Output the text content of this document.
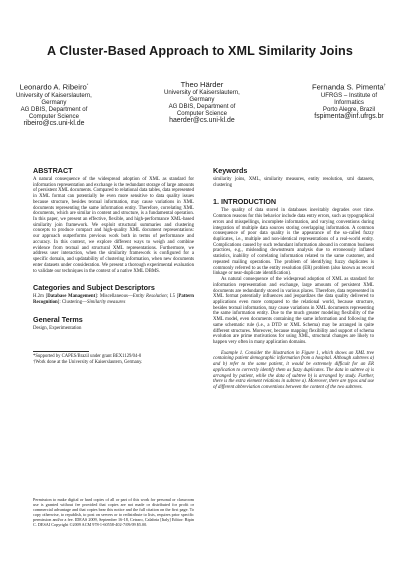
A Cluster-Based Approach to XML Similarity Joins
Leonardo A. Ribeiro*
University of Kaiserslautern,
Germany
AG DBIS, Department of
Computer Science
ribeiro@cs.uni-kl.de
Theo Härder
University of Kaiserslautern,
Germany
AG DBIS, Department of
Computer Science
haerder@cs.uni-kl.de
Fernanda S. Pimenta†
UFRGS – Institute of
Informatics
Porto Alegre, Brazil
fspimenta@inf.ufrgs.br
ABSTRACT

A natural consequence of the widespread adoption of XML as standard for information representation and exchange is the redundant storage of large amounts of persistent XML documents. Compared to relational data tables, data represented in XML format can potentially be even more sensitive to data quality issues because structure, besides textual information, may cause variations in XML documents representing the same information entity. Therefore, correlating XML documents, which are similar in content and structure, is a fundamental operation. In this paper, we present an effective, flexible, and high-performance XML-based similarity join framework. We exploit structural summaries and clustering concepts to produce compact and high-quality XML document representations: our approach outperforms previous work both in terms of performance and accuracy. In this context, we explore different ways to weigh and combine evidence from textual and structural XML representations. Furthermore, we address user interaction, when the similarity framework is configured for a specific domain, and updatability of clustering information, when new documents enter datasets under consideration. We present a thorough experimental evaluation to validate our techniques in the context of a native XML DBMS.

Categories and Subject Descriptors

H.2m [Database Management]: Miscellaneous—Entity Resolution; I.5 [Pattern Recognition]: Clustering—Similarity measures

General Terms

Design, Experimentation

*Supported by CAPES/Brazil under grant BEX1129/04-0
†Work done at the University of Kaiserslautern, Germany.
Permission to make digital or hard copies of all or part of this work for personal or classroom use is granted without fee provided that copies are not made or distributed for profit or commercial advantage and that copies bear this notice and the full citation on the first page. To copy otherwise, to republish, to post on servers or to redistribute to lists, requires prior specific permission and/or a fee. IDEAS 2009, September 16-18, Cetraro, Calabria [Italy] Editor: Bipin C. DESAI Copyright ©2009 ACM 978-1-60558-402-7/09/09 $5.00.
Keywords

similarity joins, XML, similarity measures, entity resolution, xml datasets, clustering

1. INTRODUCTION

The quality of data stored in databases inevitably degrades over time. Common reasons for this behavior include data entry errors, such as typographical errors and misspellings, incomplete information, and varying conventions during integration of multiple data sources storing overlapping information. A common consequence of poor data quality is the appearance of the so-called fuzzy duplicates, i.e., multiple and non-identical representations of a real-world entity. Complications caused by such redundant information abound in common business practices, e.g., misleading downstream analysis due to erroneously inflated statistics, inability of correlating information related to the same customer, and repeated mailing operations. The problem of identifying fuzzy duplicates is commonly referred to as the entity resolution (ER) problem (also known as record linkage or near-duplicate identification).

As natural consequence of the widespread adoption of XML as standard for information representation and exchange, large amounts of persistent XML documents are redundantly stored in various places. Therefore, data represented in XML format potentially influences and jeopardizes the data quality delivered to applications even more compared to the relational world, because structure, besides textual information, may cause variations in XML documents representing the same information entity. Due to the much greater modeling flexibility of the XML model, even documents containing the same information and following the same schematic rule (i.e., a DTD or XML Schema) may be arranged in quite different structures. Moreover, because mapping flexibility and support of schema evolution are prime motivations for using XML, structural changes are likely to happen very often in many application domains.

Example 1. Consider the illustration in Figure 1, which shows an XML tree containing patient demographic information from a hospital. Although subtrees a) and b) refer to the same patient, it would be extremely difficult for an ER application to correctly identify them as fuzzy duplicates. The data in subtree a) is arranged by patient, while the data of subtree b) is arranged by study. Further, there is the extra element relations in subtree a). Moreover, there are typos and use of different abbreviation conventions between the content of the two subtrees.
